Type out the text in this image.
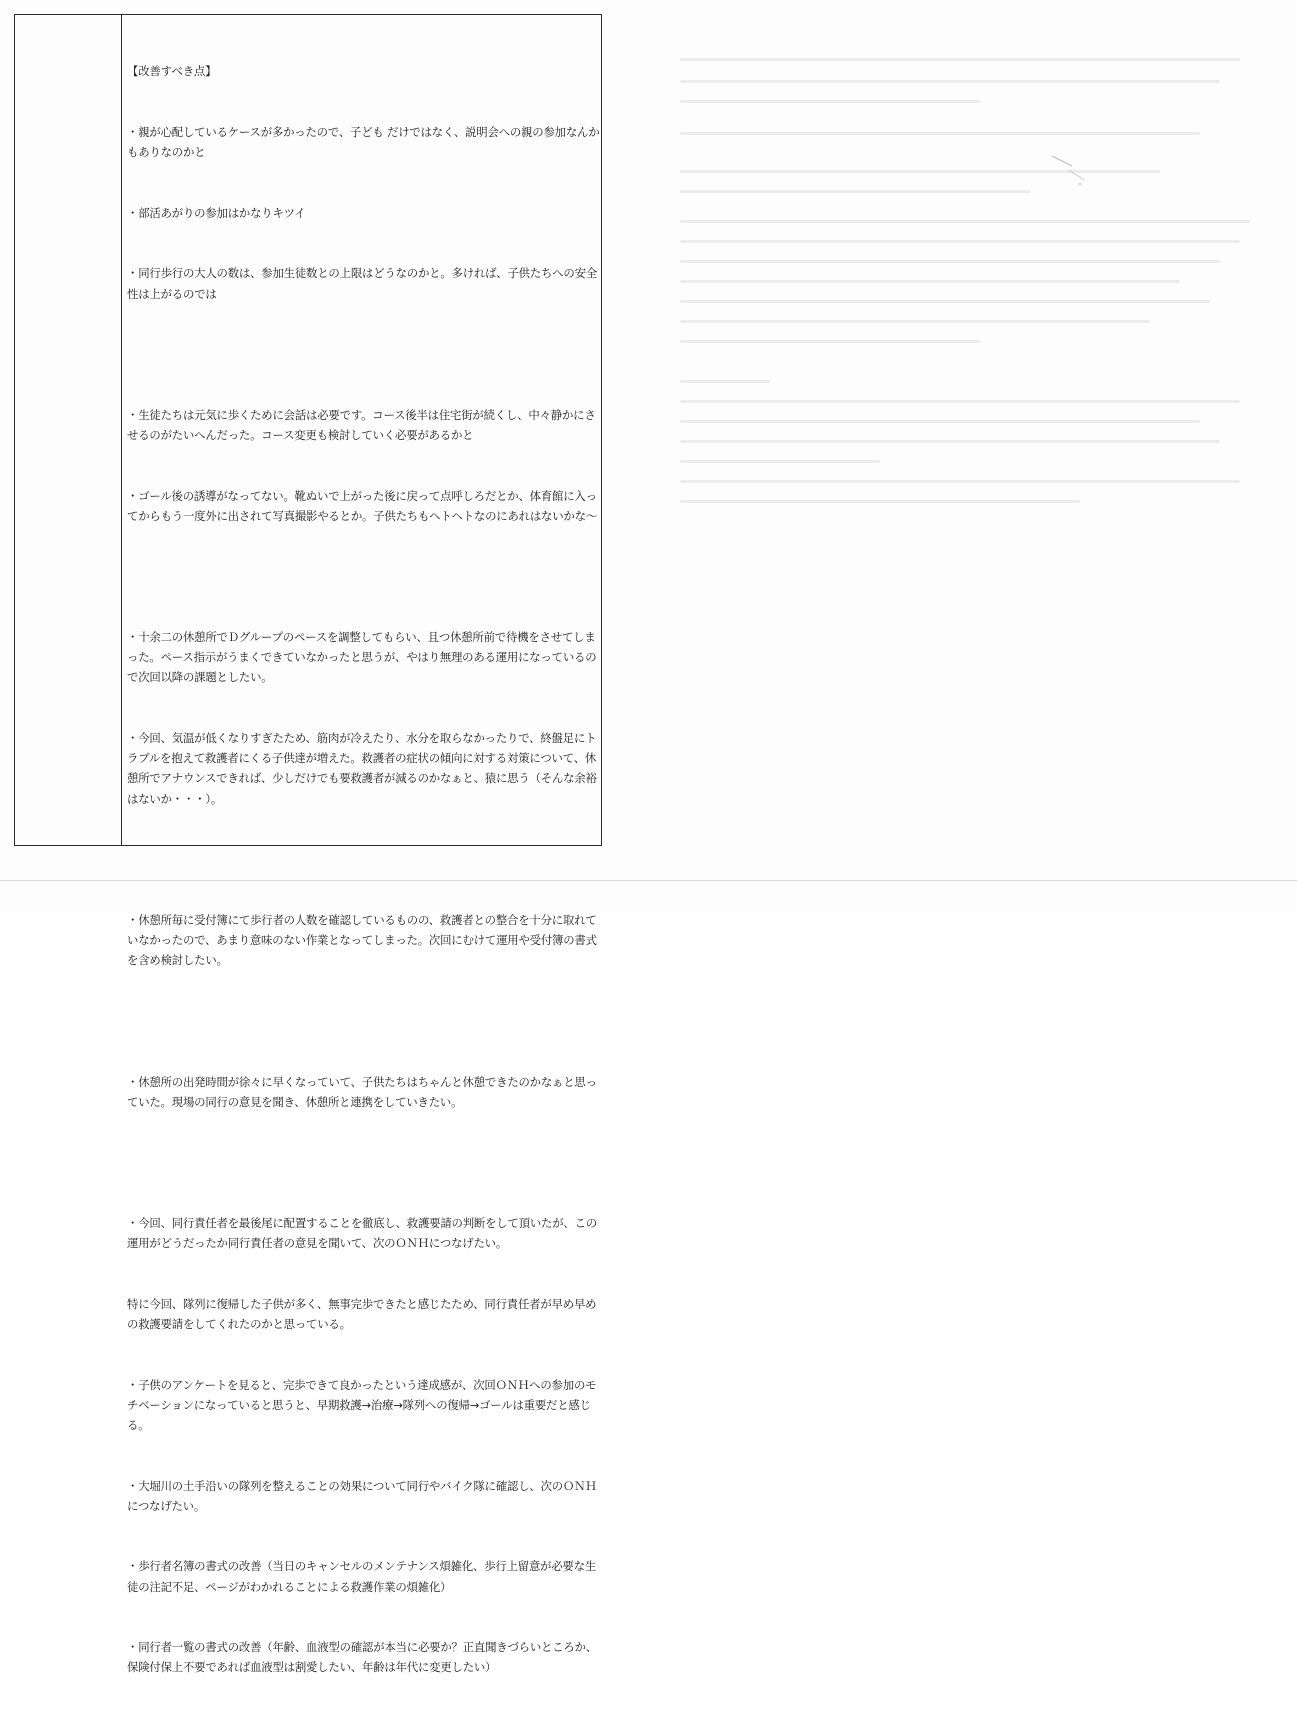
【改善すべき点】

・親が心配しているケースが多かったので、子ども だけではなく、説明会への親の参加なんかもありなのかと

・部活あがりの参加はかなりキツイ

・同行歩行の大人の数は、参加生徒数との上限はどうなのかと。多ければ、子供たちへの安全性は上がるのでは

・生徒たちは元気に歩くために会話は必要です。コース後半は住宅街が続くし、中々静かにさせるのがたいへんだった。コース変更も検討していく必要があるかと

・ゴール後の誘導がなってない。靴ぬいで上がった後に戻って点呼しろだとか、体育館に入ってからもう一度外に出されて写真撮影やるとか。子供たちもヘトヘトなのにあれはないかな～

・十余二の休憩所でＤグループのペースを調整してもらい、且つ休憩所前で待機をさせてしまった。ペース指示がうまくできていなかったと思うが、やはり無理のある運用になっているので次回以降の課題としたい。

・今回、気温が低くなりすぎたため、筋肉が冷えたり、水分を取らなかったりで、終盤足にトラブルを抱えて救護者にくる子供達が増えた。救護者の症状の傾向に対する対策について、休憩所でアナウンスできれば、少しだけでも要救護者が減るのかなぁと、猿に思う（そんな余裕はないか・・・）。

・休憩所毎に受付簿にて歩行者の人数を確認しているものの、救護者との整合を十分に取れていなかったので、あまり意味のない作業となってしまった。次回にむけて運用や受付簿の書式を含め検討したい。

・休憩所の出発時間が徐々に早くなっていて、子供たちはちゃんと休憩できたのかなぁと思っていた。現場の同行の意見を聞き、休憩所と連携をしていきたい。

・今回、同行責任者を最後尾に配置することを徹底し、救護要請の判断をして頂いたが、この運用がどうだったか同行責任者の意見を聞いて、次のＯＮＨにつなげたい。

特に今回、隊列に復帰した子供が多く、無事完歩できたと感じたため、同行責任者が早め早めの救護要請をしてくれたのかと思っている。

・子供のアンケートを見ると、完歩できて良かったという達成感が、次回ＯＮＨへの参加のモチベーションになっていると思うと、早期救護→治療→隊列への復帰→ゴールは重要だと感じる。

・大堀川の土手沿いの隊列を整えることの効果について同行やバイク隊に確認し、次のＯＮＨにつなげたい。

・歩行者名簿の書式の改善（当日のキャンセルのメンテナンス煩雑化、歩行上留意が必要な生徒の注記不足、ページがわかれることによる救護作業の煩雑化）

・同行者一覧の書式の改善（年齢、血液型の確認が本当に必要か？正直聞きづらいところか、保険付保上不要であれば血液型は割愛したい、年齢は年代に変更したい）
